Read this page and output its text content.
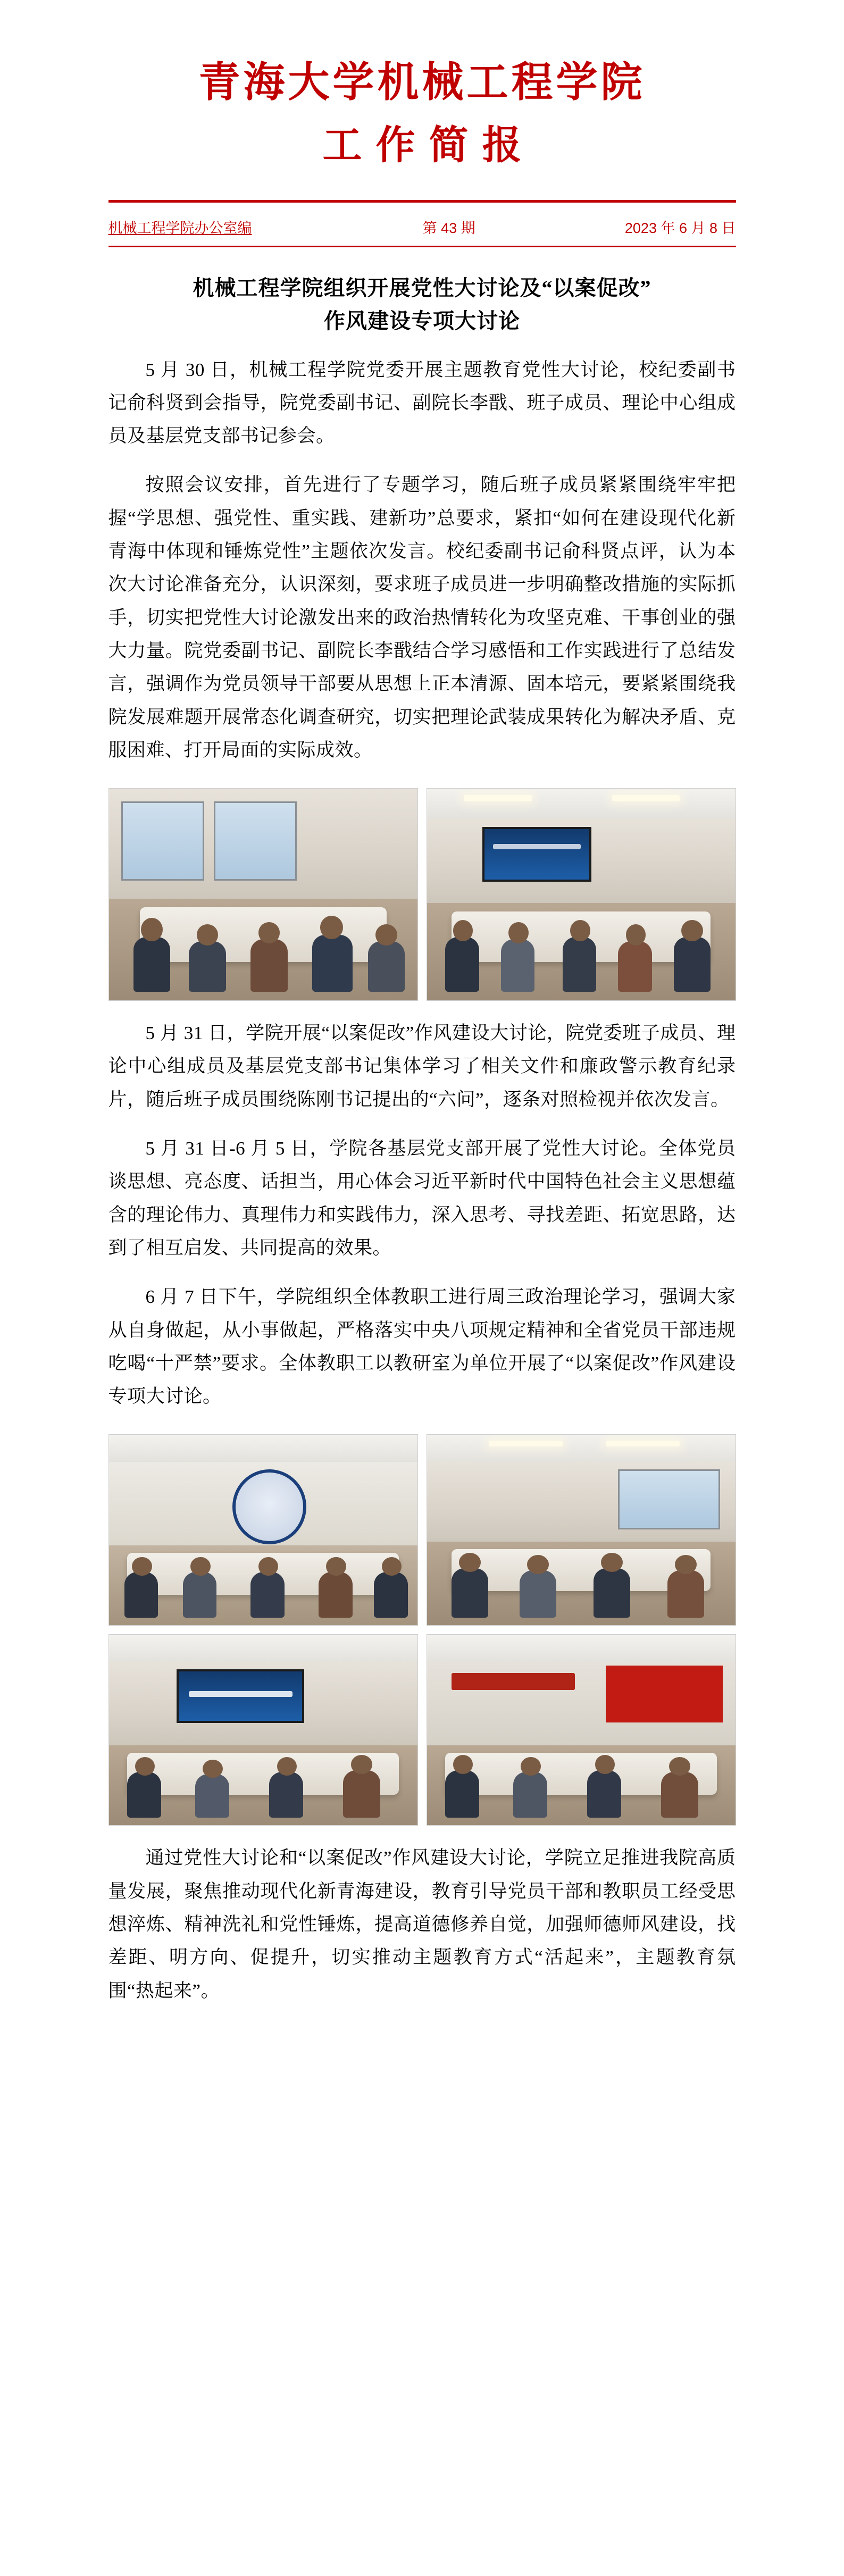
青海大学机械工程学院
工作简报
机械工程学院办公室编	第 43 期	2023 年 6 月 8 日
机械工程学院组织开展党性大讨论及“以案促改”
作风建设专项大讨论

5 月 30 日，机械工程学院党委开展主题教育党性大讨论，校纪委副书记俞科贤到会指导，院党委副书记、副院长李戬、班子成员、理论中心组成员及基层党支部书记参会。

按照会议安排，首先进行了专题学习，随后班子成员紧紧围绕牢牢把握“学思想、强党性、重实践、建新功”总要求，紧扣“如何在建设现代化新青海中体现和锤炼党性”主题依次发言。校纪委副书记俞科贤点评，认为本次大讨论准备充分，认识深刻，要求班子成员进一步明确整改措施的实际抓手，切实把党性大讨论激发出来的政治热情转化为攻坚克难、干事创业的强大力量。院党委副书记、副院长李戬结合学习感悟和工作实践进行了总结发言，强调作为党员领导干部要从思想上正本清源、固本培元，要紧紧围绕我院发展难题开展常态化调查研究，切实把理论武装成果转化为解决矛盾、克服困难、打开局面的实际成效。

5 月 31 日，学院开展“以案促改”作风建设大讨论，院党委班子成员、理论中心组成员及基层党支部书记集体学习了相关文件和廉政警示教育纪录片，随后班子成员围绕陈刚书记提出的“六问”，逐条对照检视并依次发言。

5 月 31 日-6 月 5 日，学院各基层党支部开展了党性大讨论。全体党员谈思想、亮态度、话担当，用心体会习近平新时代中国特色社会主义思想蕴含的理论伟力、真理伟力和实践伟力，深入思考、寻找差距、拓宽思路，达到了相互启发、共同提高的效果。

6 月 7 日下午，学院组织全体教职工进行周三政治理论学习，强调大家从自身做起，从小事做起，严格落实中央八项规定精神和全省党员干部违规吃喝“十严禁”要求。全体教职工以教研室为单位开展了“以案促改”作风建设专项大讨论。

通过党性大讨论和“以案促改”作风建设大讨论，学院立足推进我院高质量发展，聚焦推动现代化新青海建设，教育引导党员干部和教职员工经受思想淬炼、精神洗礼和党性锤炼，提高道德修养自觉，加强师德师风建设，找差距、明方向、促提升，切实推动主题教育方式“活起来”，主题教育氛围“热起来”。
